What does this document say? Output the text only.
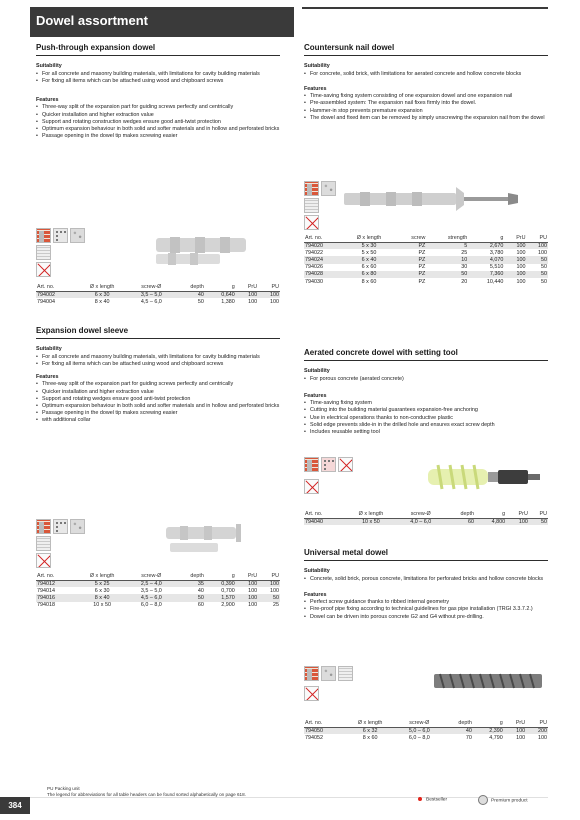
Dowel assortment
Push-through expansion dowel
Suitability
• For all concrete and masonry building materials, with limitations for cavity building materials
• For fixing all items which can be attached using wood and chipboard screws
Features
• Three-way split of the expansion part for guiding screws perfectly and centrically
• Quicker installation and higher extraction value
• Support and rotating construction wedges ensure good anti-twist protection
• Optimum expansion behaviour in both solid and softer materials and in hollow and perforated bricks
• Passage opening in the dowel tip makes screwing easier
Art. no.	Ø x length	screw-Ø	depth	g	PrU	PU
794002	6 x 30	3,5 – 5,0	40	0,640	100	100
794004	8 x 40	4,5 – 6,0	50	1,380	100	100
Expansion dowel sleeve
Suitability
• For all concrete and masonry building materials, with limitations for cavity building materials
• For fixing all items which can be attached using wood and chipboard screws
Features
• Three-way split of the expansion part for guiding screws perfectly and centrically
• Quicker installation and higher extraction value
• Support and rotating wedges ensure good anti-twist protection
• Optimum expansion behaviour in both solid and softer materials and in hollow and perforated bricks
• Passage opening in the dowel tip makes screwing easier
• with additional collar
Art. no.	Ø x length	screw-Ø	depth	g	PrU	PU
794012	5 x 25	2,5 – 4,0	35	0,390	100	100
794014	6 x 30	3,5 – 5,0	40	0,700	100	100
794016	8 x 40	4,5 – 6,0	50	1,570	100	50
794018	10 x 50	6,0 – 8,0	60	2,900	100	25
Countersunk nail dowel
Suitability
• For concrete, solid brick, with limitations for aerated concrete and hollow concrete blocks
Features
• Time-saving fixing system consisting of one expansion dowel and one expansion nail
• Pre-assembled system: The expansion nail fixes firmly into the dowel.
• Hammer-in stop prevents premature expansion
• The dowel and fixed item can be removed by simply unscrewing the expansion nail from the dowel
Art. no.	Ø x length	screw	strength	g	PrU	PU
794020	5 x 30	PZ	5	2,670	100	100
794022	5 x 50	PZ	25	3,780	100	100
794024	6 x 40	PZ	10	4,070	100	50
794026	6 x 60	PZ	30	5,510	100	50
794028	6 x 80	PZ	50	7,360	100	50
794030	8 x 60	PZ	20	10,440	100	50
Aerated concrete dowel with setting tool
Suitability
• For porous concrete (aerated concrete)
Features
• Time-saving fixing system
• Cutting into the building material guarantees expansion-free anchoring
• Use in electrical operations thanks to non-conductive plastic
• Solid edge prevents slide-in in the drilled hole and ensures exact screw depth
• Includes reusable setting tool
Art. no.	Ø x length	screw-Ø	depth	g	PrU	PU
794040	10 x 50	4,0 – 6,0	60	4,800	100	50
Universal metal dowel
Suitability
• Concrete, solid brick, porous concrete, limitations for perforated bricks and hollow concrete blocks
Features
• Perfect screw guidance thanks to ribbed internal geometry
• Fire-proof pipe fixing according to technical guidelines for gas pipe installation (TRGI 3.3.7.2.)
• Dowel can be driven into porous concrete G2 and G4 without pre-drilling.
Art. no.	Ø x length	screw-Ø	depth	g	PrU	PU
794050	6 x 32	5,0 – 6,0	40	2,390	100	200
794052	8 x 60	6,0 – 8,0	70	4,790	100	100
PU Packing unit
The legend for abbreviations for all table headers can be found sorted alphabetically on page 618.
384
Bestseller	Premium product
